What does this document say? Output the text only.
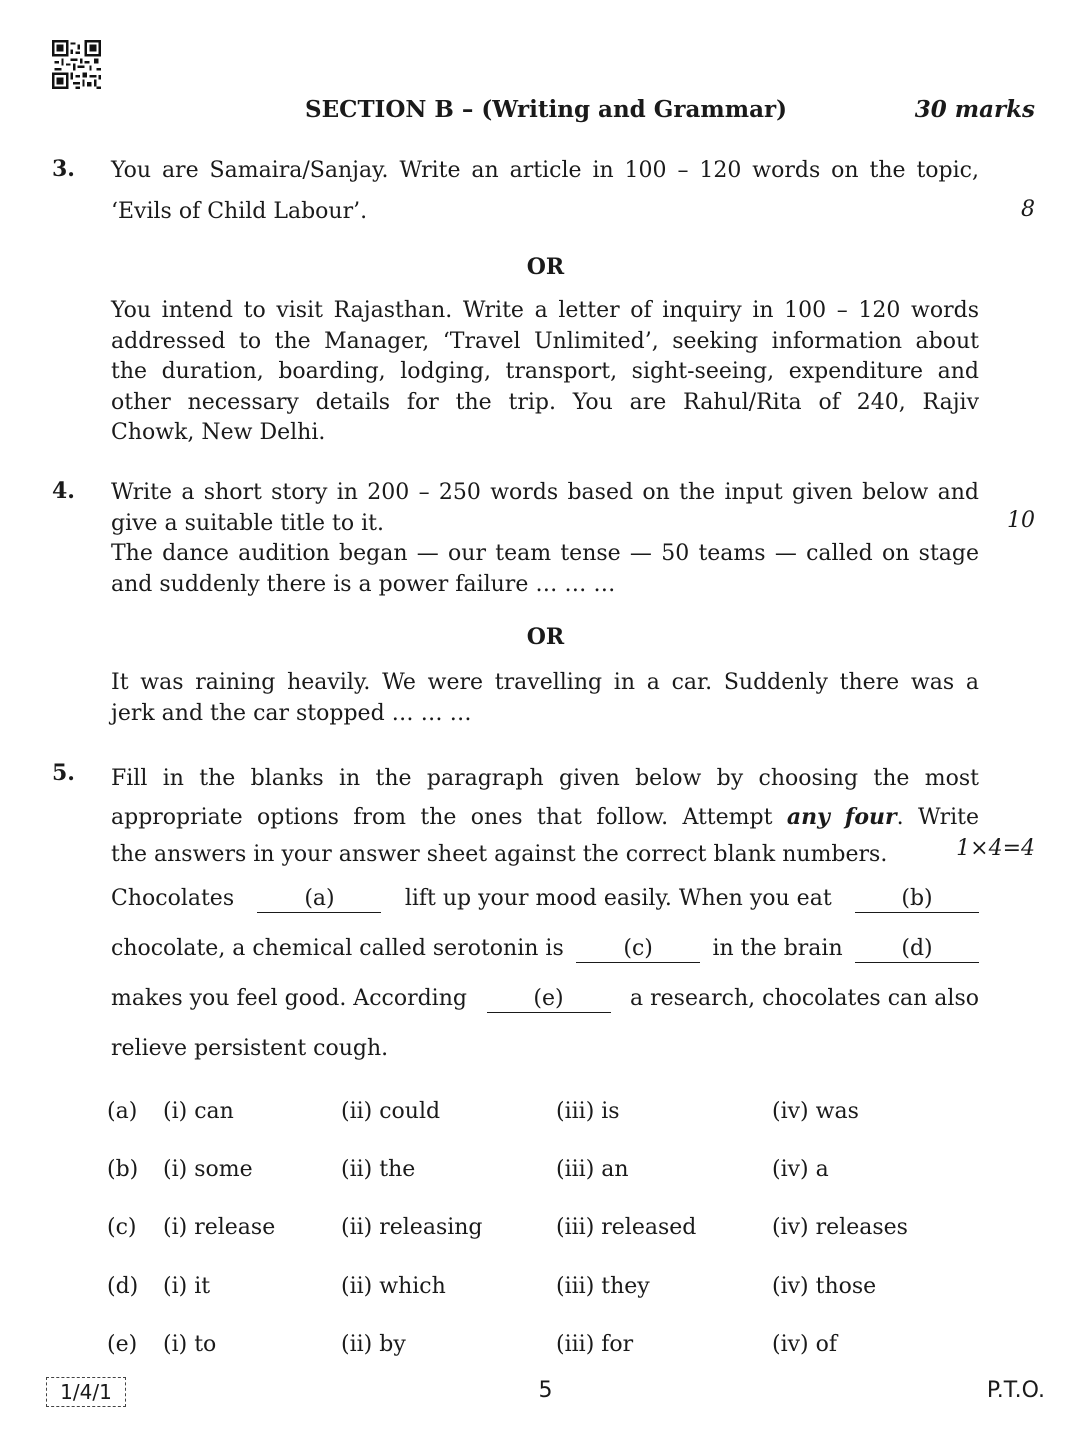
SECTION B – (Writing and Grammar)	30 marks
3. You are Samaira/Sanjay. Write an article in 100 – 120 words on the topic,
‘Evils of Child Labour’.	8
OR
You intend to visit Rajasthan. Write a letter of inquiry in 100 – 120 words
addressed to the Manager, ‘Travel Unlimited’, seeking information about
the duration, boarding, lodging, transport, sight-seeing, expenditure and
other necessary details for the trip. You are Rahul/Rita of 240, Rajiv
Chowk, New Delhi.
4. Write a short story in 200 – 250 words based on the input given below and
give a suitable title to it.
The dance audition began — our team tense — 50 teams — called on stage
and suddenly there is a power failure … … …
10
OR
It was raining heavily. We were travelling in a car. Suddenly there was a
jerk and the car stopped … … …
5. Fill in the blanks in the paragraph given below by choosing the most
appropriate options from the ones that follow. Attempt any four. Write
the answers in your answer sheet against the correct blank numbers.	1×4=4
Chocolates	(a)	lift up your mood easily. When you eat	(b)
chocolate, a chemical called serotonin is	(c)	in the brain	(d)
makes you feel good. According	(e)	a research, chocolates can also
relieve persistent cough.
(a) (i) can	(ii) could	(iii) is	(iv) was
(b) (i) some	(ii) the	(iii) an	(iv) a
(c) (i) release	(ii) releasing	(iii) released	(iv) releases
(d) (i) it	(ii) which	(iii) they	(iv) those
(e) (i) to	(ii) by	(iii) for	(iv) of
1/4/1	5	P.T.O.
